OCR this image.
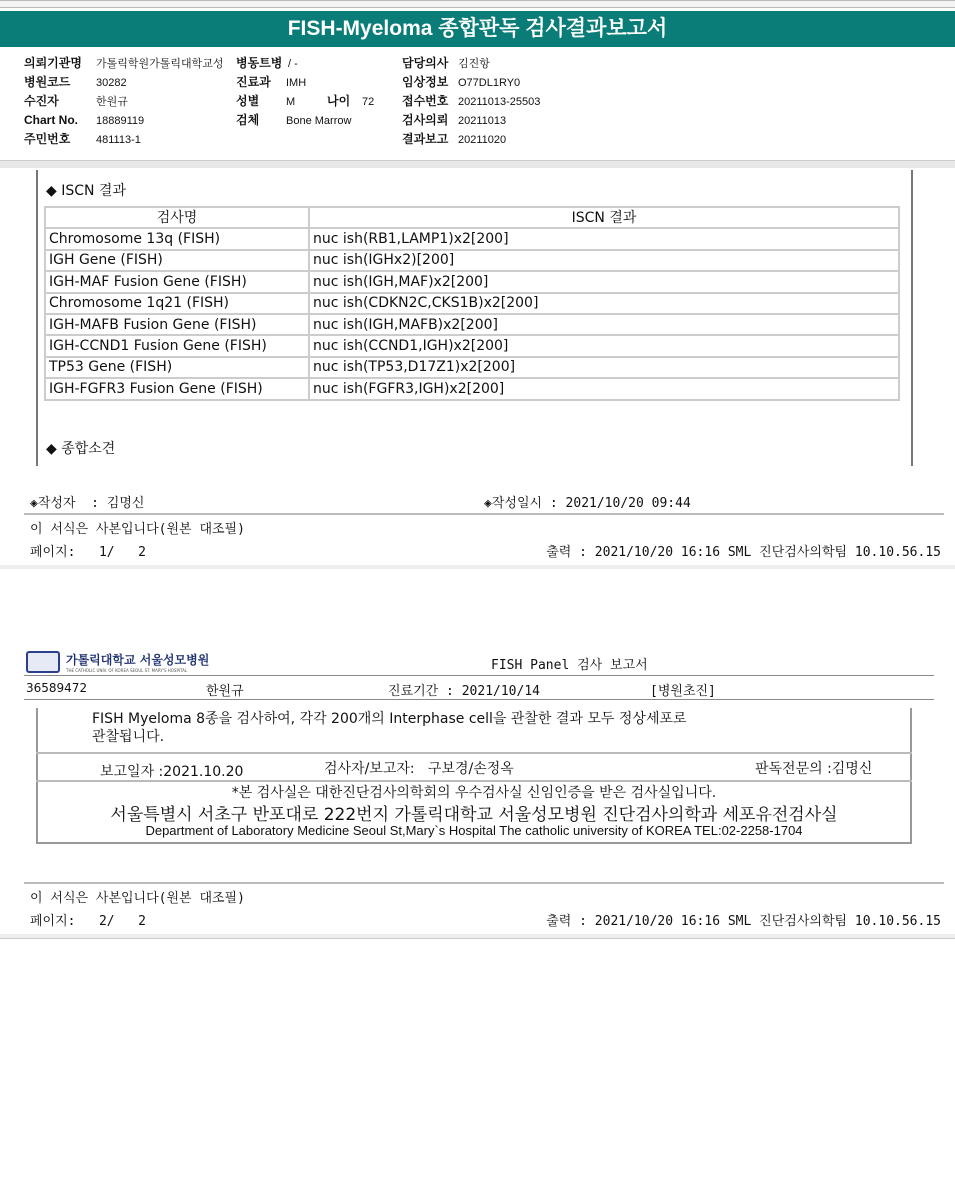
FISH-Myeloma 종합판독 검사결과보고서
의뢰기관명	가톨릭학원가톨릭대학교성 병동트병 / -	담당의사 김진항
병원코드 30282	진료과 IMH	임상정보 O77DL1RY0
수진자	한원규	성별 M	나이 72 접수번호 20211013-25503
Chart No. 18889119	검체 Bone Marrow	검사의뢰 20211013
주민번호 481113-1	결과보고 20211020
◆ ISCN 결과
검사명	ISCN 결과
Chromosome 13q (FISH)	nuc ish(RB1,LAMP1)x2[200]
IGH Gene (FISH)	nuc ish(IGHx2)[200]
IGH-MAF Fusion Gene (FISH)	nuc ish(IGH,MAF)x2[200]
Chromosome 1q21 (FISH)	nuc ish(CDKN2C,CKS1B)x2[200]
IGH-MAFB Fusion Gene (FISH)	nuc ish(IGH,MAFB)x2[200]
IGH-CCND1 Fusion Gene (FISH)	nuc ish(CCND1,IGH)x2[200]
TP53 Gene (FISH)	nuc ish(TP53,D17Z1)x2[200]
IGH-FGFR3 Fusion Gene (FISH)	nuc ish(FGFR3,IGH)x2[200]
◆ 종합소견
◈작성자  : 김명신	◈작성일시 : 2021/10/20 09:44
이 서식은 사본입니다(원본 대조필)
페이지:   1/   2	출력 : 2021/10/20 16:16 SML 진단검사의학팀 10.10.56.15
가톨릭대학교 서울성모병원
THE CATHOLIC UNIV. OF KOREA SEOUL ST. MARY'S HOSPITAL	FISH Panel 검사 보고서
36589472	한원규	진료기간 : 2021/10/14	[병원초진]
FISH Myeloma 8종을 검사하여, 각각 200개의 Interphase cell을 관찰한 결과 모두 정상세포로
관찰됩니다.
보고일자 :2021.10.20	검사자/보고자:   구보경/손정옥	판독전문의 :김명신
*본 검사실은 대한진단검사의학회의 우수검사실 신임인증을 받은 검사실입니다.
서울특별시 서초구 반포대로 222번지 가톨릭대학교 서울성모병원 진단검사의학과 세포유전검사실
Department of Laboratory Medicine Seoul St,Mary`s Hospital The catholic university of KOREA TEL:02-2258-1704
이 서식은 사본입니다(원본 대조필)
페이지:   2/   2	출력 : 2021/10/20 16:16 SML 진단검사의학팀 10.10.56.15
